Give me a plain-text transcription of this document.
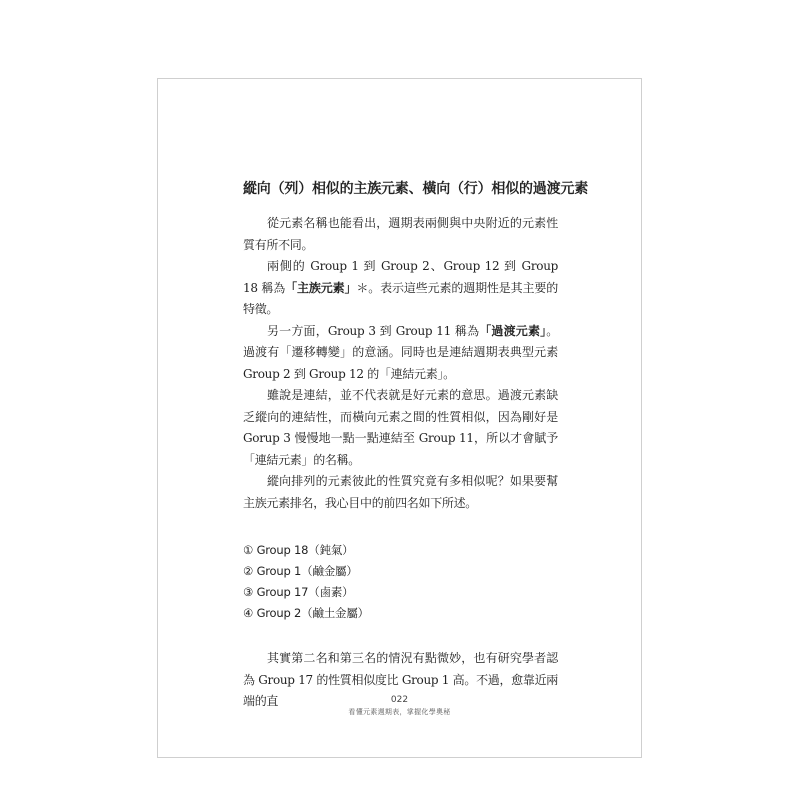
縱向（列）相似的主族元素、橫向（行）相似的過渡元素

從元素名稱也能看出，週期表兩側與中央附近的元素性質有所不同。

兩側的 Group 1 到 Group 2、Group 12 到 Group 18 稱為「主族元素」＊。表示這些元素的週期性是其主要的特徵。

另一方面，Group 3 到 Group 11 稱為「過渡元素」。過渡有「遷移轉變」的意涵。同時也是連結週期表典型元素 Group 2 到 Group 12 的「連結元素」。

雖說是連結，並不代表就是好元素的意思。過渡元素缺乏縱向的連結性，而橫向元素之間的性質相似，因為剛好是 Gorup 3 慢慢地一點一點連結至 Group 11，所以才會賦予「連結元素」的名稱。

縱向排列的元素彼此的性質究竟有多相似呢？如果要幫主族元素排名，我心目中的前四名如下所述。

① Group 18（鈍氣）
② Group 1（鹼金屬）
③ Group 17（鹵素）
④ Group 2（鹼土金屬）

其實第二名和第三名的情況有點微妙，也有研究學者認為 Group 17 的性質相似度比 Group 1 高。不過，愈靠近兩端的直	022
看懂元素週期表，掌握化學奧秘
